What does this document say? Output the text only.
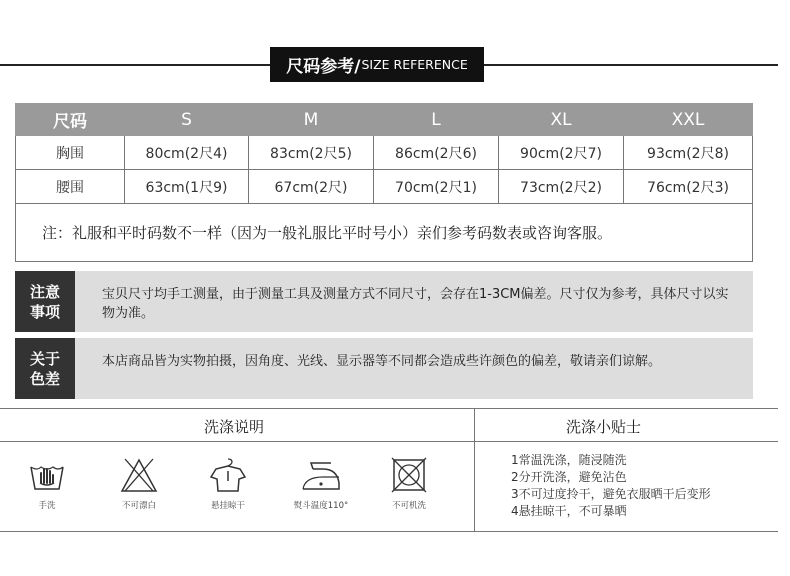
尺码参考/ SIZE REFERENCE
尺码	S	M	L	XL	XXL
胸围	80cm(2尺4)	83cm(2尺5)	86cm(2尺6)	90cm(2尺7)	93cm(2尺8)
腰围	63cm(1尺9)	67cm(2尺)	70cm(2尺1)	73cm(2尺2)	76cm(2尺3)
注：礼服和平时码数不一样（因为一般礼服比平时号小）亲们参考码数表或咨询客服。					
注意
事项
宝贝尺寸均手工测量，由于测量工具及测量方式不同尺寸，会存在1-3CM偏差。尺寸仅为参考，具体尺寸以实物为准。
关于
色差
本店商品皆为实物拍摄，因角度、光线、显示器等不同都会造成些许颜色的偏差，敬请亲们谅解。
洗涤说明	洗涤小贴士
手洗	不可漂白	悬挂晾干	熨斗温度110°	不可机洗
1常温洗涤，随浸随洗
2分开洗涤，避免沾色
3不可过度拎干，避免衣服晒干后变形
4悬挂晾干，不可暴晒
